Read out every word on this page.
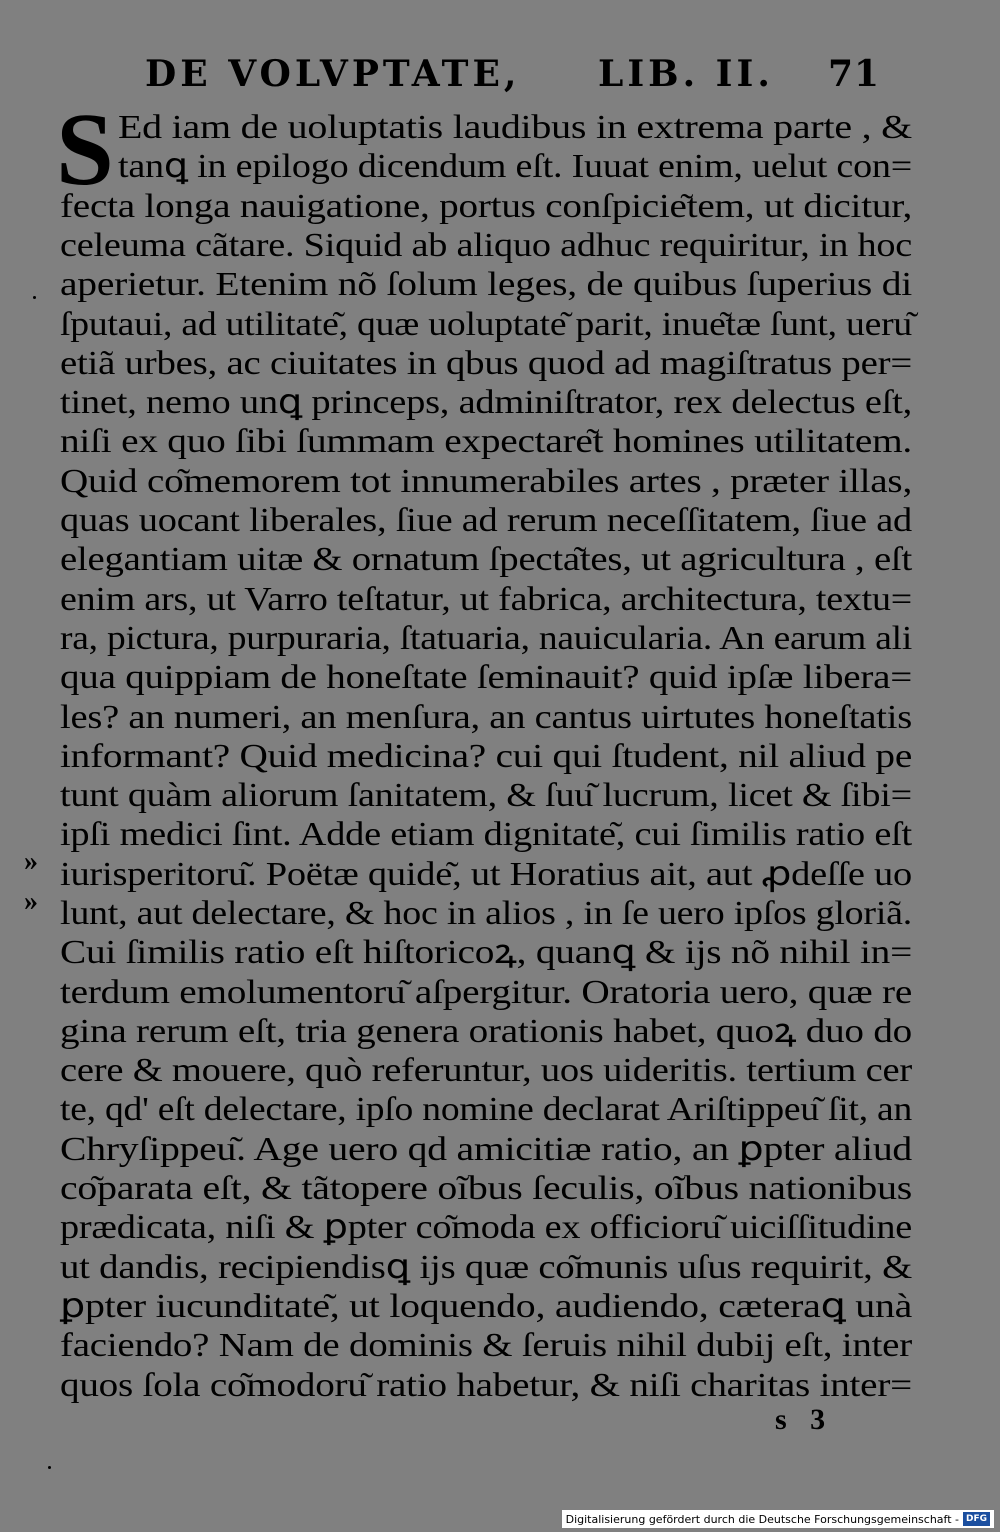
DE VOLVPTATE, LIB. II. 71
S Ed iam de uoluptatis laudibus in extrema parte , &
tanꝗ in epilogo dicendum eſt. Iuuat enim, uelut con=
fecta longa nauigatione, portus conſpicie͂tem, ut dicitur,
celeuma cãtare. Siquid ab aliquo adhuc requiritur, in hoc
aperietur. Etenim nõ ſolum leges, de quibus ſuperius di
ſputaui, ad utilitate͂, quæ uoluptate͂ parit, inue͂tæ ſunt, ueru͂
etiã urbes, ac ciuitates in qbus quod ad magiſtratus per=
tinet, nemo unꝗ princeps, adminiſtrator, rex delectus eſt,
niſi ex quo ſibi ſummam expectare͂t homines utilitatem.
Quid co͂memorem tot innumerabiles artes , præter illas,
quas uocant liberales, ſiue ad rerum neceſſitatem, ſiue ad
elegantiam uitæ & ornatum ſpecta͂tes, ut agricultura , eſt
enim ars, ut Varro teſtatur, ut fabrica, architectura, textu=
ra, pictura, purpuraria, ſtatuaria, nauicularia. An earum ali
qua quippiam de honeſtate ſeminauit? quid ipſæ libera=
les? an numeri, an menſura, an cantus uirtutes honeſtatis
informant? Quid medicina? cui qui ſtudent, nil aliud pe
tunt quàm aliorum ſanitatem, & ſuu͂ lucrum, licet & ſibi=
ipſi medici ſint. Adde etiam dignitate͂, cui ſimilis ratio eſt
iurisperitoru͂. Poëtæ quide͂, ut Horatius ait, aut ꝓdeſſe uo
lunt, aut delectare, & hoc in alios , in ſe uero ipſos gloriã.
Cui ſimilis ratio eſt hiſtoricoꝝ, quanꝗ & ijs nõ nihil in=
terdum emolumentoru͂ aſpergitur. Oratoria uero, quæ re
gina rerum eſt, tria genera orationis habet, quoꝝ duo do
cere & mouere, quò referuntur, uos uideritis. tertium cer
te, qd' eſt delectare, ipſo nomine declarat Ariſtippeu͂ ſit, an
Chryſippeu͂. Age uero qd amicitiæ ratio, an ꝑpter aliud
co͂parata eſt, & tãtopere oĩbus ſeculis, oĩbus nationibus
prædicata, niſi & ꝑpter co͂moda ex officioru͂ uiciſſitudine
ut dandis, recipiendisꝗ ijs quæ co͂munis uſus requirit, &
ꝑpter iucunditate͂, ut loquendo, audiendo, cæteraꝗ unà
faciendo? Nam de dominis & ſeruis nihil dubij eſt, inter
quos ſola co͂modoru͂ ratio habetur, & niſi charitas inter=
»
»
s 3
Digitalisierung gefördert durch die Deutsche Forschungsgemeinschaft - DFG
